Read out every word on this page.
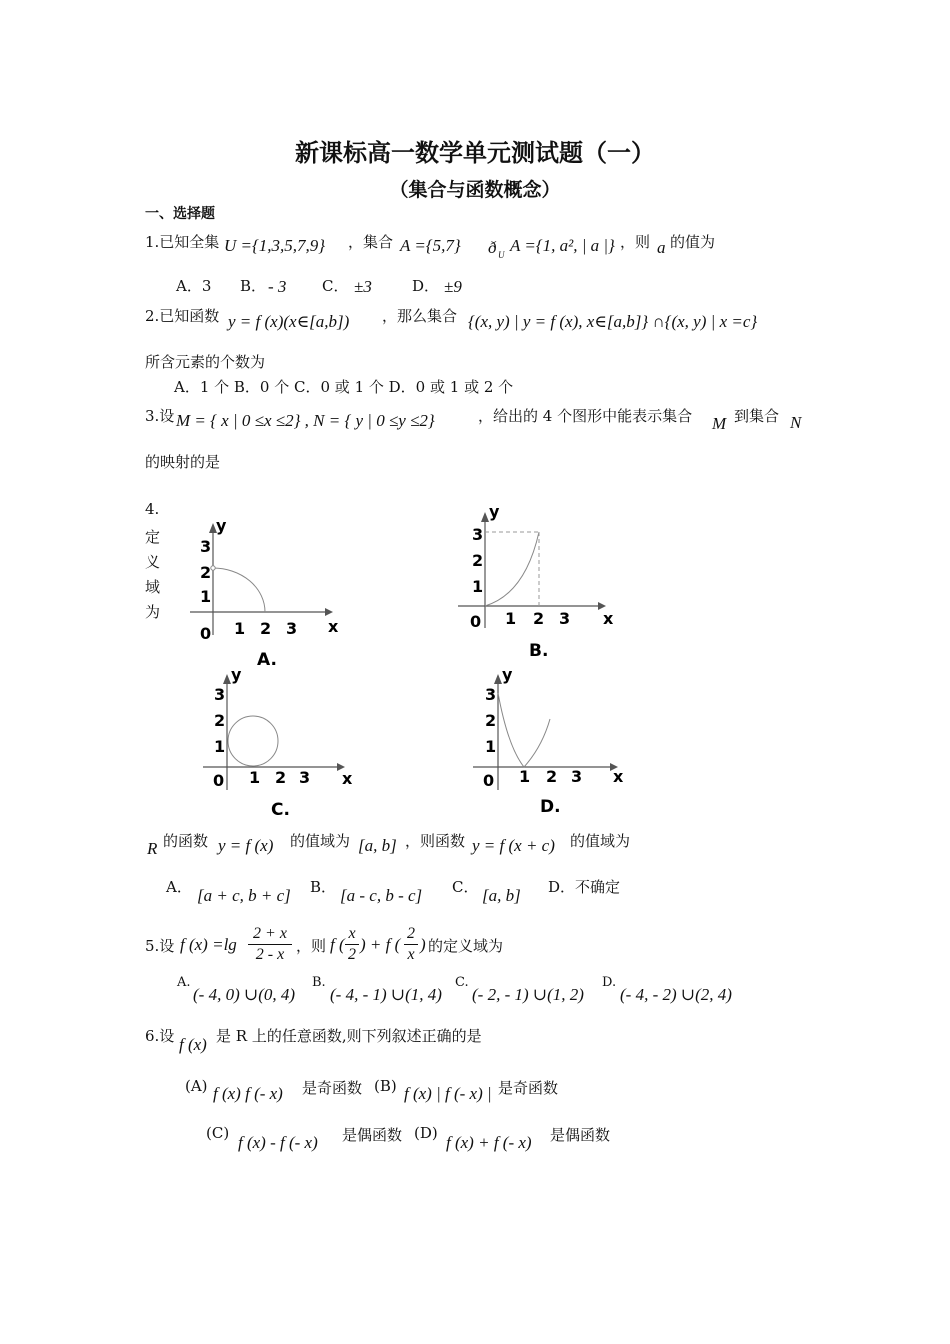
新课标高一数学单元测试题（一）
（集合与函数概念）
一、选择题
1.已知全集 U ={1,3,5,7,9} ，集合 A ={5,7} ð U A ={1, a², | a |} ，则 a 的值为
A．3 B． - 3 C． ±3	D． ±9
2.已知函数 y = f (x)(x∈[a,b]) ，那么集合 {(x, y) | y = f (x), x∈[a,b]} ∩{(x, y) | x =c}
所含元素的个数为
A．1 个 B．0 个 C．0 或 1 个 D．0 或 1 或 2 个
3.设 M = { x | 0 ≤x ≤2} , N = { y | 0 ≤y ≤2}	，给出的 4 个图形中能表示集合 M 到集合 N
的映射的是
4.
定
义
域
为
y
x
0 1 2 3
1
2
3
A.
y
x
0 1 2 3
1
2
3
B.
y
x
0 1 2 3
1
2
3
C.
y
x
0 1 2 3
1
2
3
D.
R 的函数 y = f (x) 的值域为 [a, b] ，则函数 y = f (x + c) 的值域为
A． [a + c, b + c] B． [a - c, b - c] C． [a, b] D．不确定
5.设 f $(x) =\lg \frac{2 + x}{2 - x}$ ，则 f ( $\frac{x}{2}$ ) + f ( $\frac{2}{x}$ ) 的定义域为
A.
(- 4, 0) ∪(0, 4)
B.
(- 4, - 1) ∪(1, 4)
C.
(- 2, - 1) ∪(1, 2)
D.
(- 4, - 2) ∪(2, 4)
6.设 f (x) 是 R 上的任意函数,则下列叙述正确的是
(A) f (x) f (- x) 是奇函数 (B) f (x) | f (- x) | 是奇函数
(C) f (x) - f (- x) 是偶函数 (D) f (x) + f (- x) 是偶函数
